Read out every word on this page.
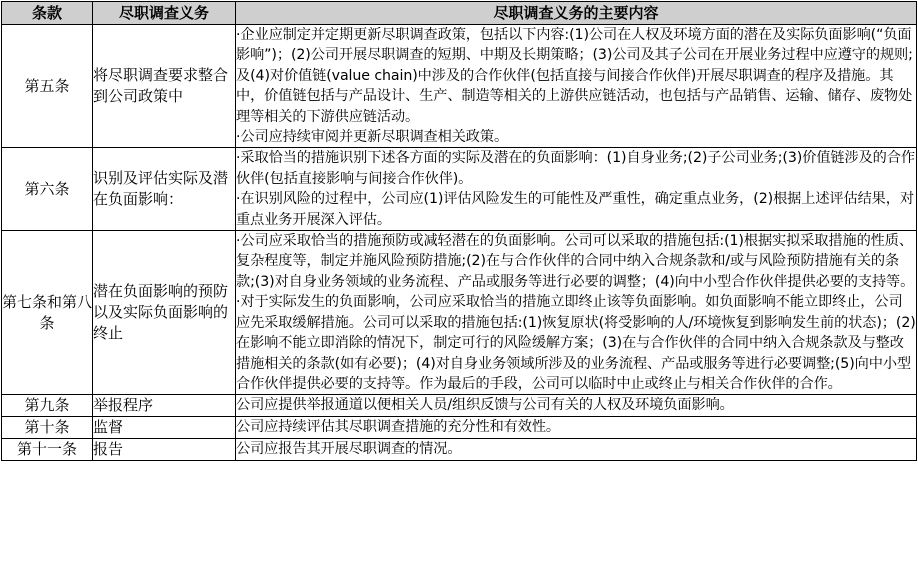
条款	尽职调查义务	尽职调查义务的主要内容
第五条	将尽职调查要求整合到公司政策中	·企业应制定并定期更新尽职调查政策，包括以下内容:(1)公司在人权及环境方面的潜在及实际负面影响(“负面影响”)；(2)公司开展尽职调查的短期、中期及长期策略；(3)公司及其子公司在开展业务过程中应遵守的规则;及(4)对价值链(value chain)中涉及的合作伙伴(包括直接与间接合作伙伴)开展尽职调查的程序及措施。其中，价值链包括与产品设计、生产、制造等相关的上游供应链活动，也包括与产品销售、运输、储存、废物处理等相关的下游供应链活动。

·公司应持续审阅并更新尽职调查相关政策。

第六条	识别及评估实际及潜在负面影响：	·采取恰当的措施识别下述各方面的实际及潜在的负面影响：(1)自身业务;(2)子公司业务;(3)价值链涉及的合作伙伴(包括直接影响与间接合作伙伴)。

·在识别风险的过程中，公司应(1)评估风险发生的可能性及严重性，确定重点业务，(2)根据上述评估结果，对重点业务开展深入评估。

第七条和第八条	潜在负面影响的预防以及实际负面影响的终止	·公司应采取恰当的措施预防或减轻潜在的负面影响。公司可以采取的措施包括:(1)根据实拟采取措施的性质、复杂程度等，制定并施风险预防措施;(2)在与合作伙伴的合同中纳入合规条款和/或与风险预防措施有关的条款;(3)对自身业务领域的业务流程、产品或服务等进行必要的调整；(4)向中小型合作伙伴提供必要的支持等。

·对于实际发生的负面影响，公司应采取恰当的措施立即终止该等负面影响。如负面影响不能立即终止，公司应先采取缓解措施。公司可以采取的措施包括:(1)恢复原状(将受影响的人/环境恢复到影响发生前的状态)；(2)在影响不能立即消除的情况下，制定可行的风险缓解方案；(3)在与合作伙伴的合同中纳入合规条款及与整改措施相关的条款(如有必要)；(4)对自身业务领域所涉及的业务流程、产品或服务等进行必要调整;(5)向中小型合作伙伴提供必要的支持等。作为最后的手段，公司可以临时中止或终止与相关合作伙伴的合作。

第九条	举报程序	公司应提供举报通道以便相关人员/组织反馈与公司有关的人权及环境负面影响。

第十条	监督	公司应持续评估其尽职调查措施的充分性和有效性。

第十一条	报告	公司应报告其开展尽职调查的情况。
